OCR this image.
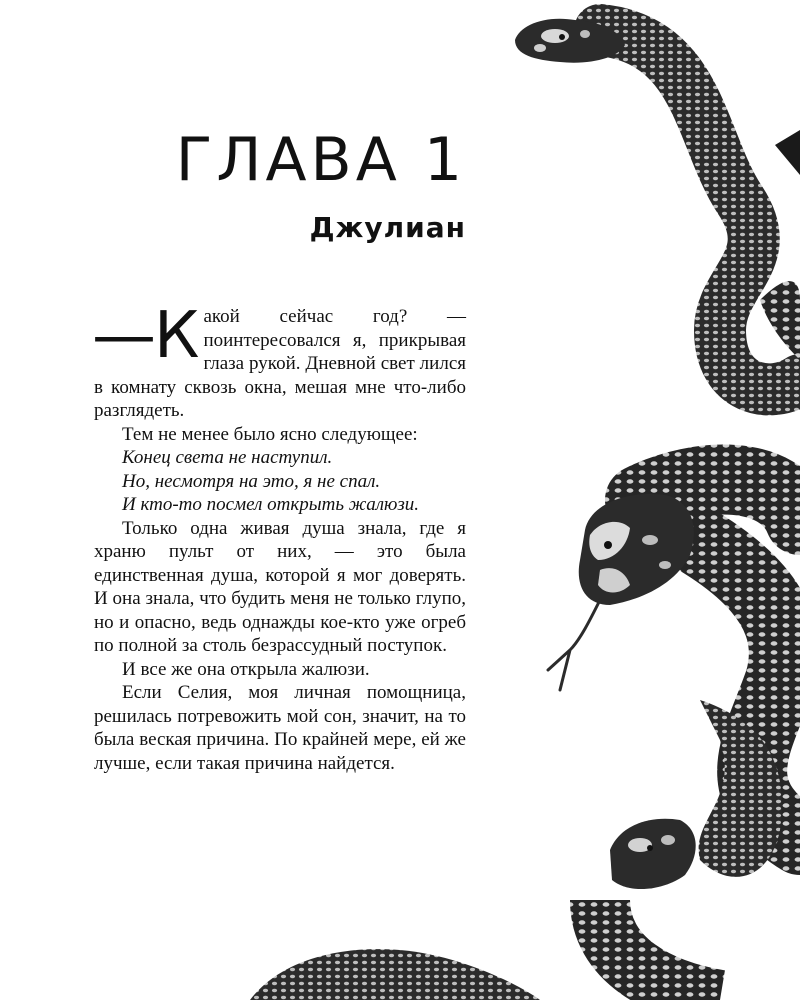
ГЛАВА 1
Джулиан

—К акой сейчас год? — поинтересовался я, прикрывая глаза рукой. Дневной свет лился в комнату сквозь окна, мешая мне что-либо разглядеть.

Тем не менее было ясно следующее:

Конец света не наступил.

Но, несмотря на это, я не спал.

И кто-то посмел открыть жалюзи.

Только одна живая душа знала, где я храню пульт от них, — это была единственная душа, которой я мог доверять. И она знала, что будить меня не только глупо, но и опасно, ведь однажды кое-кто уже огреб по полной за столь безрассудный поступок.

И все же она открыла жалюзи.

Если Селия, моя личная помощница, решилась потревожить мой сон, значит, на то была веская причина. По крайней мере, ей же лучше, если такая причина найдется.
